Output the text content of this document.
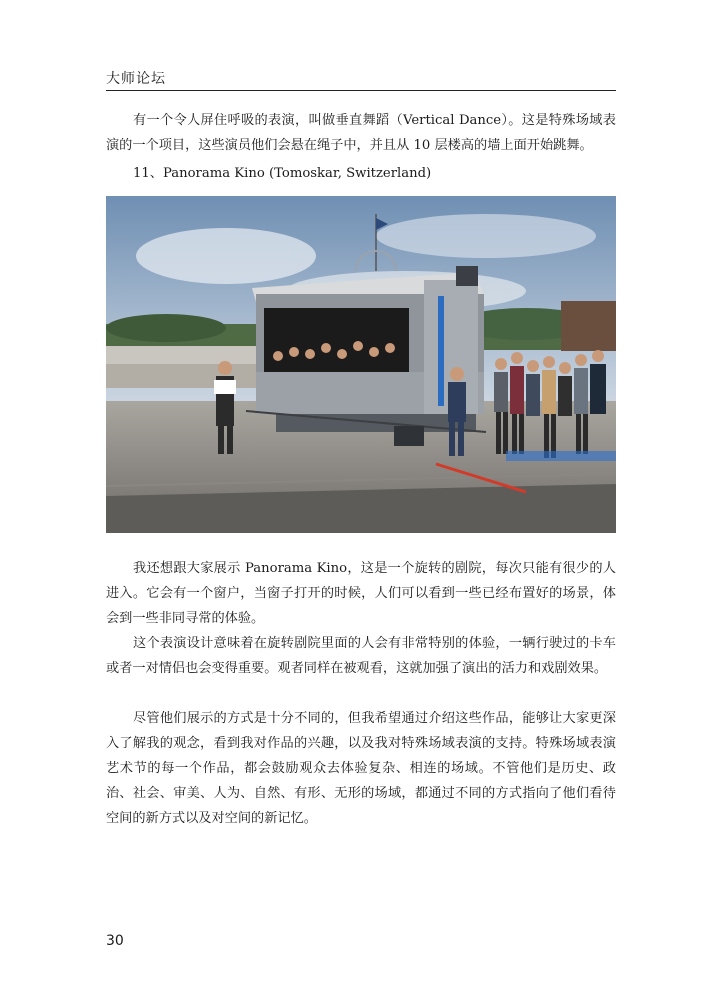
大师论坛

有一个令人屏住呼吸的表演，叫做垂直舞蹈（Vertical Dance）。这是特殊场域表演的一个项目，这些演员他们会悬在绳子中，并且从 10 层楼高的墙上面开始跳舞。

11、Panorama Kino (Tomoskar, Switzerland)

我还想跟大家展示 Panorama Kino，这是一个旋转的剧院，每次只能有很少的人进入。它会有一个窗户，当窗子打开的时候，人们可以看到一些已经布置好的场景，体会到一些非同寻常的体验。

这个表演设计意味着在旋转剧院里面的人会有非常特别的体验，一辆行驶过的卡车或者一对情侣也会变得重要。观者同样在被观看，这就加强了演出的活力和戏剧效果。

尽管他们展示的方式是十分不同的，但我希望通过介绍这些作品，能够让大家更深入了解我的观念，看到我对作品的兴趣，以及我对特殊场域表演的支持。特殊场域表演艺术节的每一个作品，都会鼓励观众去体验复杂、相连的场域。不管他们是历史、政治、社会、审美、人为、自然、有形、无形的场域，都通过不同的方式指向了他们看待空间的新方式以及对空间的新记忆。

30
